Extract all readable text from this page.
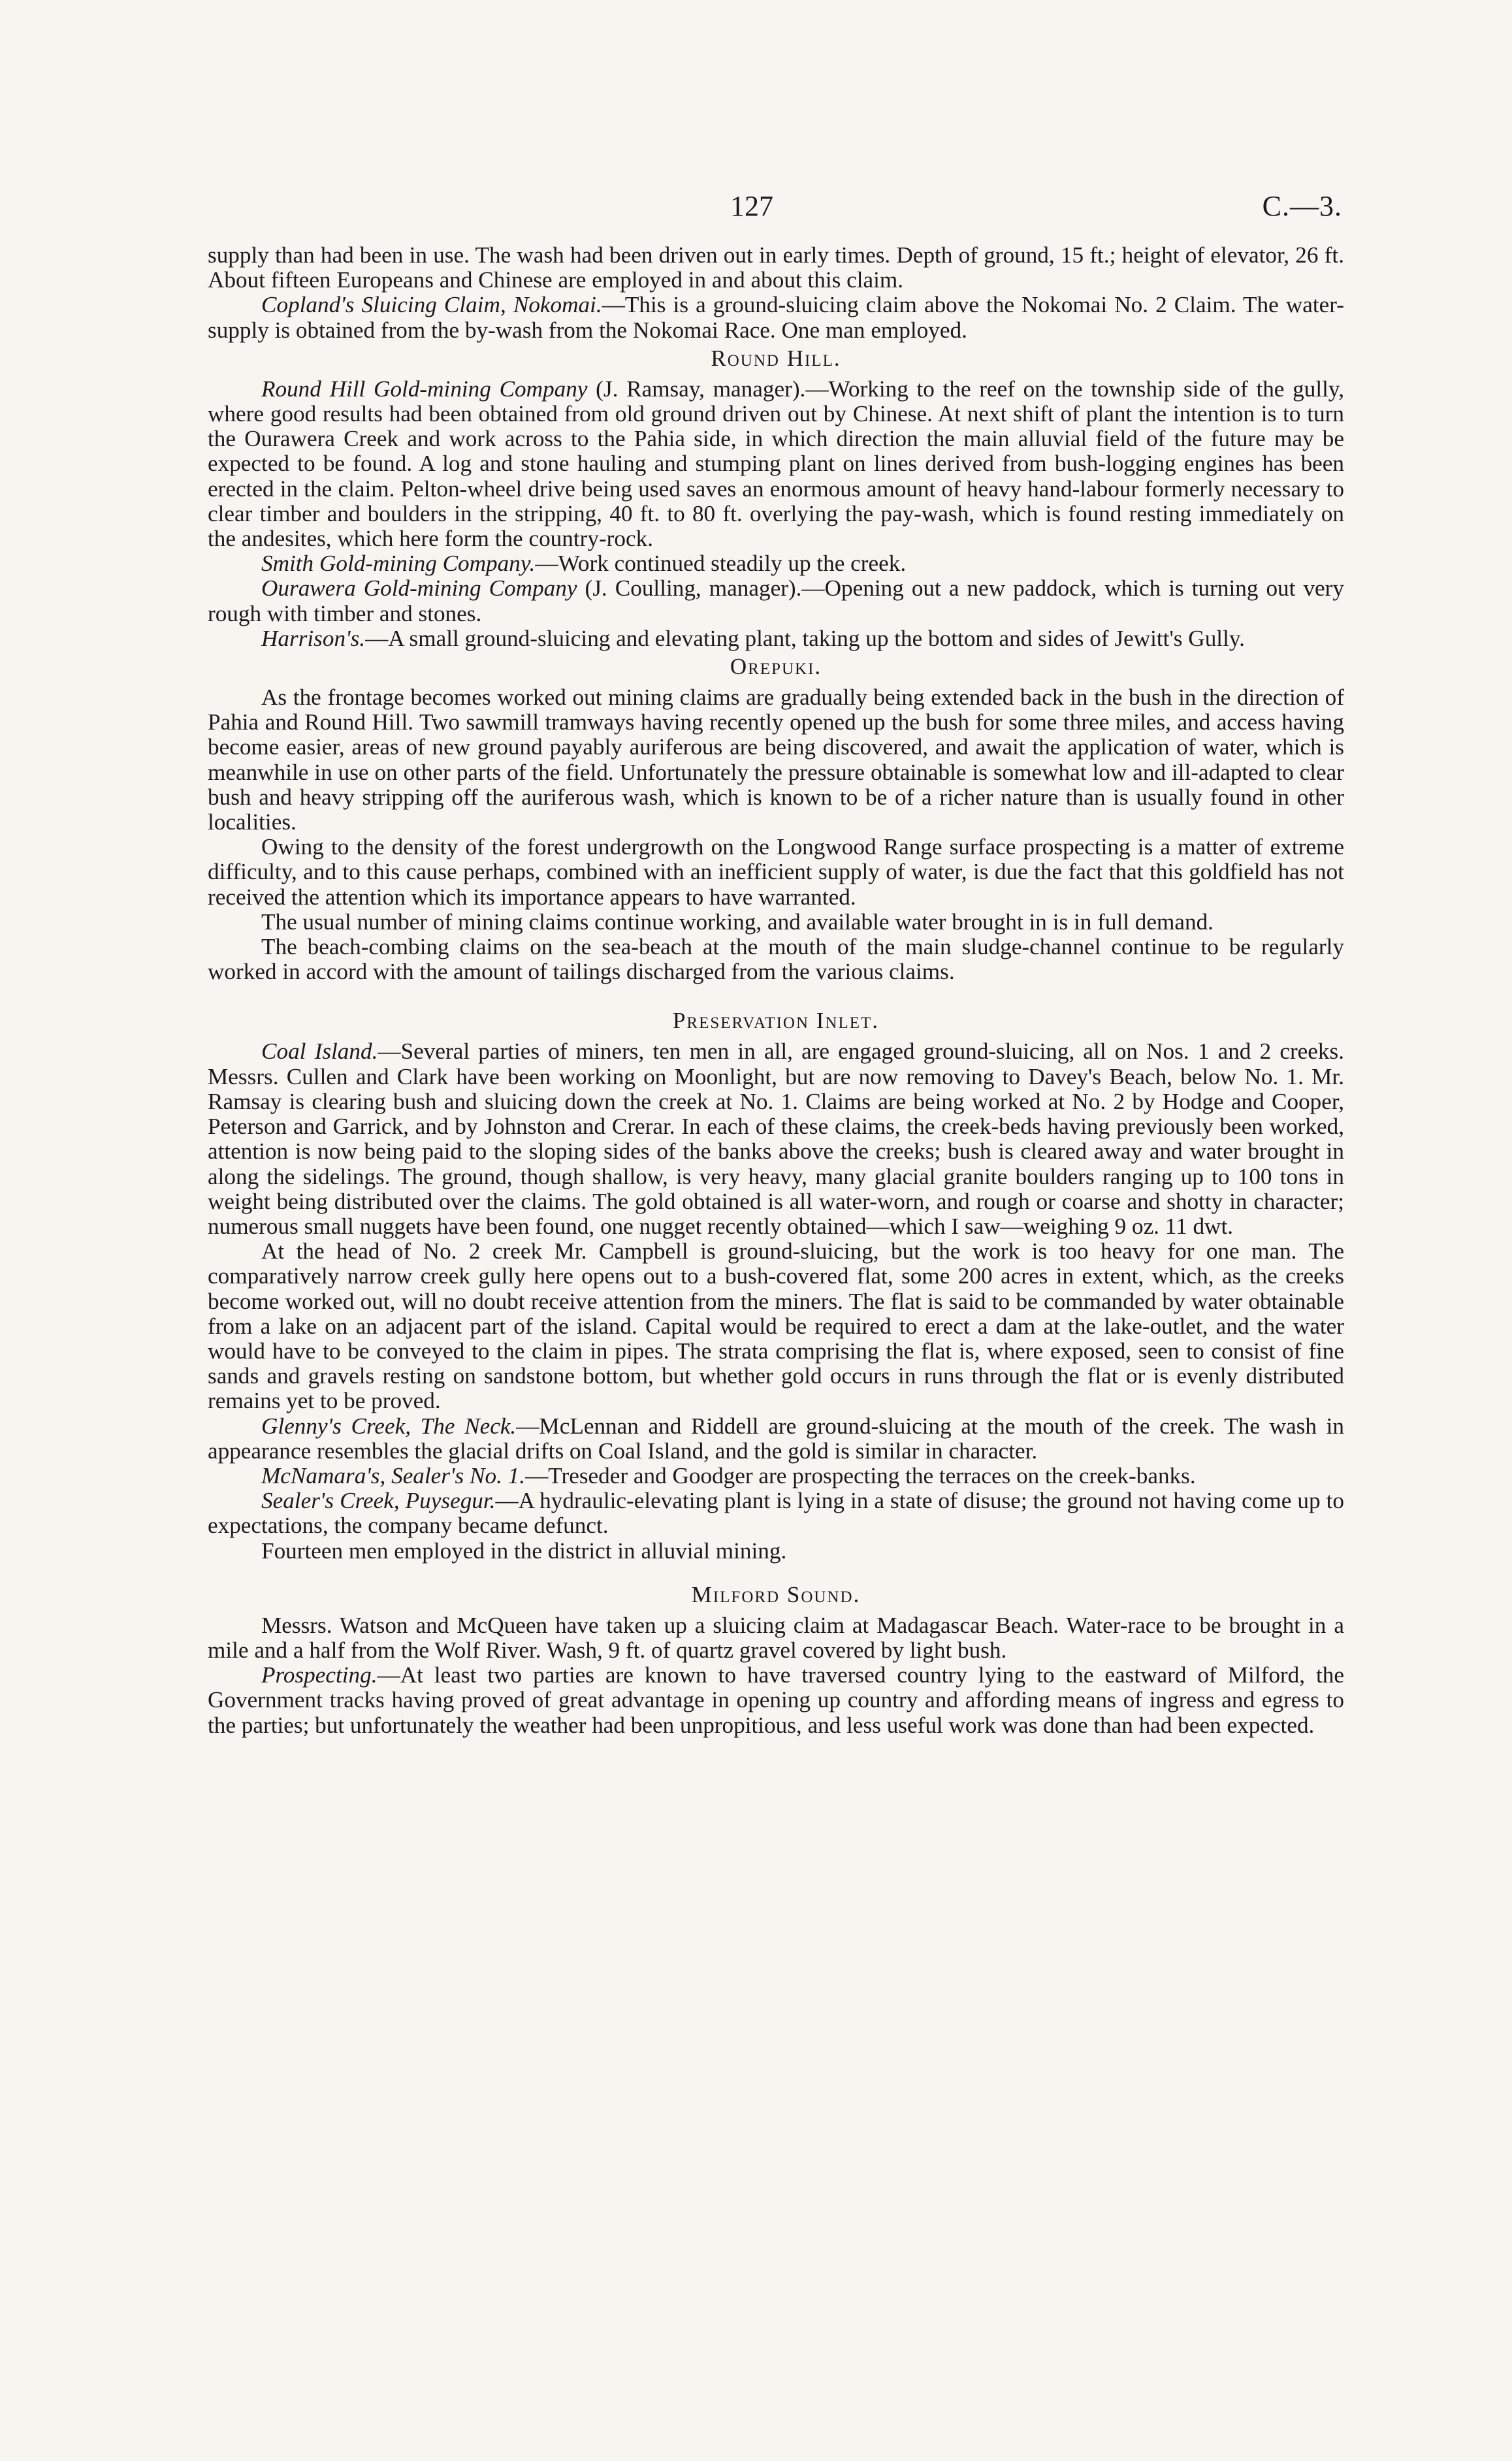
127	C.—3.

supply than had been in use. The wash had been driven out in early times. Depth of ground, 15 ft.; height of elevator, 26 ft. About fifteen Europeans and Chinese are employed in and about this claim.

Copland's Sluicing Claim, Nokomai.—This is a ground-sluicing claim above the Nokomai No. 2 Claim. The water-supply is obtained from the by-wash from the Nokomai Race. One man employed.

Round Hill.

Round Hill Gold-mining Company (J. Ramsay, manager).—Working to the reef on the township side of the gully, where good results had been obtained from old ground driven out by Chinese. At next shift of plant the intention is to turn the Ourawera Creek and work across to the Pahia side, in which direction the main alluvial field of the future may be expected to be found. A log and stone hauling and stumping plant on lines derived from bush-logging engines has been erected in the claim. Pelton-wheel drive being used saves an enormous amount of heavy hand-labour formerly necessary to clear timber and boulders in the stripping, 40 ft. to 80 ft. overlying the pay-wash, which is found resting immediately on the andesites, which here form the country-rock.

Smith Gold-mining Company.—Work continued steadily up the creek.

Ourawera Gold-mining Company (J. Coulling, manager).—Opening out a new paddock, which is turning out very rough with timber and stones.

Harrison's.—A small ground-sluicing and elevating plant, taking up the bottom and sides of Jewitt's Gully.

Orepuki.

As the frontage becomes worked out mining claims are gradually being extended back in the bush in the direction of Pahia and Round Hill. Two sawmill tramways having recently opened up the bush for some three miles, and access having become easier, areas of new ground payably auriferous are being discovered, and await the application of water, which is meanwhile in use on other parts of the field. Unfortunately the pressure obtainable is somewhat low and ill-adapted to clear bush and heavy stripping off the auriferous wash, which is known to be of a richer nature than is usually found in other localities.

Owing to the density of the forest undergrowth on the Longwood Range surface prospecting is a matter of extreme difficulty, and to this cause perhaps, combined with an inefficient supply of water, is due the fact that this goldfield has not received the attention which its importance appears to have warranted.

The usual number of mining claims continue working, and available water brought in is in full demand.

The beach-combing claims on the sea-beach at the mouth of the main sludge-channel continue to be regularly worked in accord with the amount of tailings discharged from the various claims.

Preservation Inlet.

Coal Island.—Several parties of miners, ten men in all, are engaged ground-sluicing, all on Nos. 1 and 2 creeks. Messrs. Cullen and Clark have been working on Moonlight, but are now removing to Davey's Beach, below No. 1. Mr. Ramsay is clearing bush and sluicing down the creek at No. 1. Claims are being worked at No. 2 by Hodge and Cooper, Peterson and Garrick, and by Johnston and Crerar. In each of these claims, the creek-beds having previously been worked, attention is now being paid to the sloping sides of the banks above the creeks; bush is cleared away and water brought in along the sidelings. The ground, though shallow, is very heavy, many glacial granite boulders ranging up to 100 tons in weight being distributed over the claims. The gold obtained is all water-worn, and rough or coarse and shotty in character; numerous small nuggets have been found, one nugget recently obtained—which I saw—weighing 9 oz. 11 dwt.

At the head of No. 2 creek Mr. Campbell is ground-sluicing, but the work is too heavy for one man. The comparatively narrow creek gully here opens out to a bush-covered flat, some 200 acres in extent, which, as the creeks become worked out, will no doubt receive attention from the miners. The flat is said to be commanded by water obtainable from a lake on an adjacent part of the island. Capital would be required to erect a dam at the lake-outlet, and the water would have to be conveyed to the claim in pipes. The strata comprising the flat is, where exposed, seen to consist of fine sands and gravels resting on sandstone bottom, but whether gold occurs in runs through the flat or is evenly distributed remains yet to be proved.

Glenny's Creek, The Neck.—McLennan and Riddell are ground-sluicing at the mouth of the creek. The wash in appearance resembles the glacial drifts on Coal Island, and the gold is similar in character.

McNamara's, Sealer's No. 1.—Treseder and Goodger are prospecting the terraces on the creek-banks.

Sealer's Creek, Puysegur.—A hydraulic-elevating plant is lying in a state of disuse; the ground not having come up to expectations, the company became defunct.

Fourteen men employed in the district in alluvial mining.

Milford Sound.

Messrs. Watson and McQueen have taken up a sluicing claim at Madagascar Beach. Water-race to be brought in a mile and a half from the Wolf River. Wash, 9 ft. of quartz gravel covered by light bush.

Prospecting.—At least two parties are known to have traversed country lying to the eastward of Milford, the Government tracks having proved of great advantage in opening up country and affording means of ingress and egress to the parties; but unfortunately the weather had been unpropitious, and less useful work was done than had been expected.
